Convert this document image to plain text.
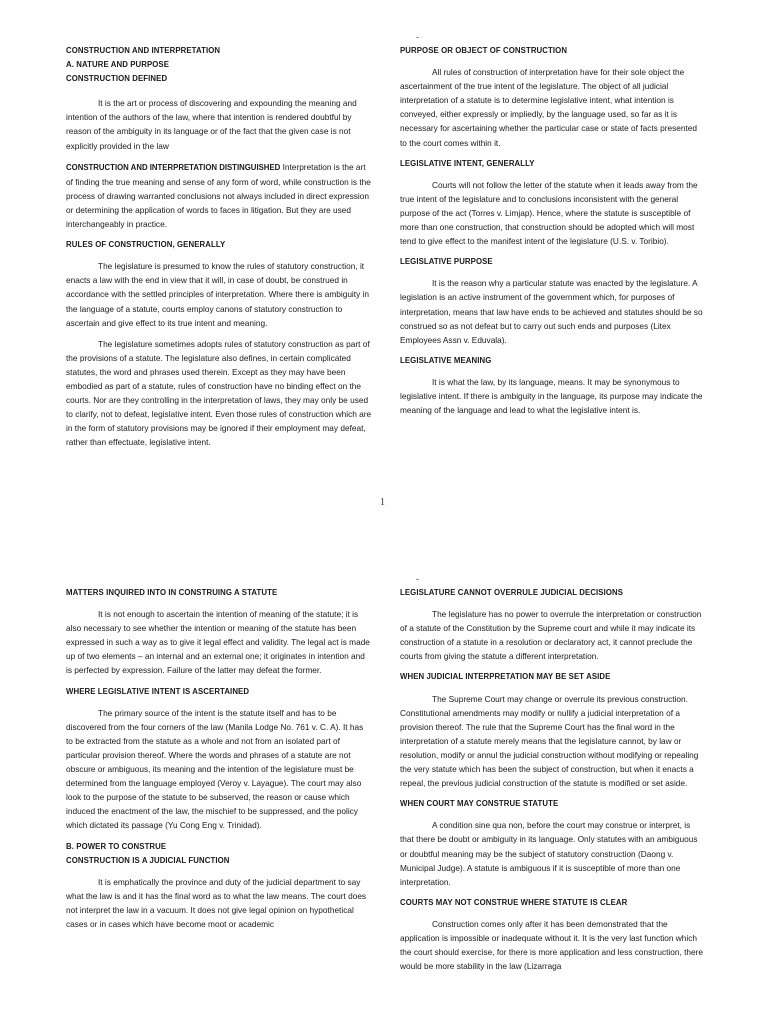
CONSTRUCTION AND INTERPRETATION
A. NATURE AND PURPOSE
CONSTRUCTION DEFINED

It is the art or process of discovering and expounding the meaning and intention of the authors of the law, where that intention is rendered doubtful by reason of the ambiguity in its language or of the fact that the given case is not explicitly provided in the law

CONSTRUCTION AND INTERPRETATION DISTINGUISHED Interpretation is the art of finding the true meaning and sense of any form of word, while construction is the process of drawing warranted conclusions not always included in direct expression or determining the application of words to faces in litigation. But they are used interchangeably in practice.

RULES OF CONSTRUCTION, GENERALLY

The legislature is presumed to know the rules of statutory construction, it enacts a law with the end in view that it will, in case of doubt, be construed in accordance with the settled principles of interpretation. Where there is ambiguity in the language of a statute, courts employ canons of statutory construction to ascertain and give effect to its true intent and meaning.

The legislature sometimes adopts rules of statutory construction as part of the provisions of a statute. The legislature also defines, in certain complicated statutes, the word and phrases used therein. Except as they may have been embodied as part of a statute, rules of construction have no binding effect on the courts. Nor are they controlling in the interpretation of laws, they may only be used to clarify, not to defeat, legislative intent. Even those rules of construction which are in the form of statutory provisions may be ignored if their employment may defeat, rather than effectuate, legislative intent.

-
PURPOSE OR OBJECT OF CONSTRUCTION

All rules of construction of interpretation have for their sole object the ascertainment of the true intent of the legislature. The object of all judicial interpretation of a statute is to determine legislative intent, what intention is conveyed, either expressly or impliedly, by the language used, so far as it is necessary for ascertaining whether the particular case or state of facts presented to the court comes within it.

LEGISLATIVE INTENT, GENERALLY

Courts will not follow the letter of the statute when it leads away from the true intent of the legislature and to conclusions inconsistent with the general purpose of the act (Torres v. Limjap). Hence, where the statute is susceptible of more than one construction, that construction should be adopted which will most tend to give effect to the manifest intent of the legislature (U.S. v. Toribio).

LEGISLATIVE PURPOSE

It is the reason why a particular statute was enacted by the legislature. A legislation is an active instrument of the government which, for purposes of interpretation, means that law have ends to be achieved and statutes should be so construed so as not defeat but to carry out such ends and purposes (Litex Employees Assn v. Eduvala).

LEGISLATIVE MEANING

It is what the law, by its language, means. It may be synonymous to legislative intent. If there is ambiguity in the language, its purpose may indicate the meaning of the language and lead to what the legislative intent is.

1
MATTERS INQUIRED INTO IN CONSTRUING A STATUTE

It is not enough to ascertain the intention of meaning of the statute; it is also necessary to see whether the intention or meaning of the statute has been expressed in such a way as to give it legal effect and validity. The legal act is made up of two elements – an internal and an external one; it originates in intention and is perfected by expression. Failure of the latter may defeat the former.

WHERE LEGISLATIVE INTENT IS ASCERTAINED

The primary source of the intent is the statute itself and has to be discovered from the four corners of the law (Manila Lodge No. 761 v. C. A). It has to be extracted from the statute as a whole and not from an isolated part of particular provision thereof. Where the words and phrases of a statute are not obscure or ambiguous, its meaning and the intention of the legislature must be determined from the language employed (Veroy v. Layague). The court may also look to the purpose of the statute to be subserved, the reason or cause which induced the enactment of the law, the mischief to be suppressed, and the policy which dictated its passage (Yu Cong Eng v. Trinidad).

B. POWER TO CONSTRUE
CONSTRUCTION IS A JUDICIAL FUNCTION

It is emphatically the province and duty of the judicial department to say what the law is and it has the final word as to what the law means. The court does not interpret the law in a vacuum. It does not give legal opinion on hypothetical cases or in cases which have become moot or academic

-
LEGISLATURE CANNOT OVERRULE JUDICIAL DECISIONS

The legislature has no power to overrule the interpretation or construction of a statute of the Constitution by the Supreme court and while it may indicate its construction of a statute in a resolution or declaratory act, it cannot preclude the courts from giving the statute a different interpretation.

WHEN JUDICIAL INTERPRETATION MAY BE SET ASIDE

The Supreme Court may change or overrule its previous construction. Constitutional amendments may modify or nullify a judicial interpretation of a provision thereof. The rule that the Supreme Court has the final word in the interpretation of a statute merely means that the legislature cannot, by law or resolution, modify or annul the judicial construction without modifying or repealing the very statute which has been the subject of construction, but when it enacts a repeal, the previous judicial construction of the statute is modified or set aside.

WHEN COURT MAY CONSTRUE STATUTE

A condition sine qua non, before the court may construe or interpret, is that there be doubt or ambiguity in its language. Only statutes with an ambiguous or doubtful meaning may be the subject of statutory construction (Daong v. Municipal Judge). A statute is ambiguous if it is susceptible of more than one interpretation.

COURTS MAY NOT CONSTRUE WHERE STATUTE IS CLEAR

Construction comes only after it has been demonstrated that the application is impossible or inadequate without it. It is the very last function which the court should exercise, for there is more application and less construction, there would be more stability in the law (Lizarraga
